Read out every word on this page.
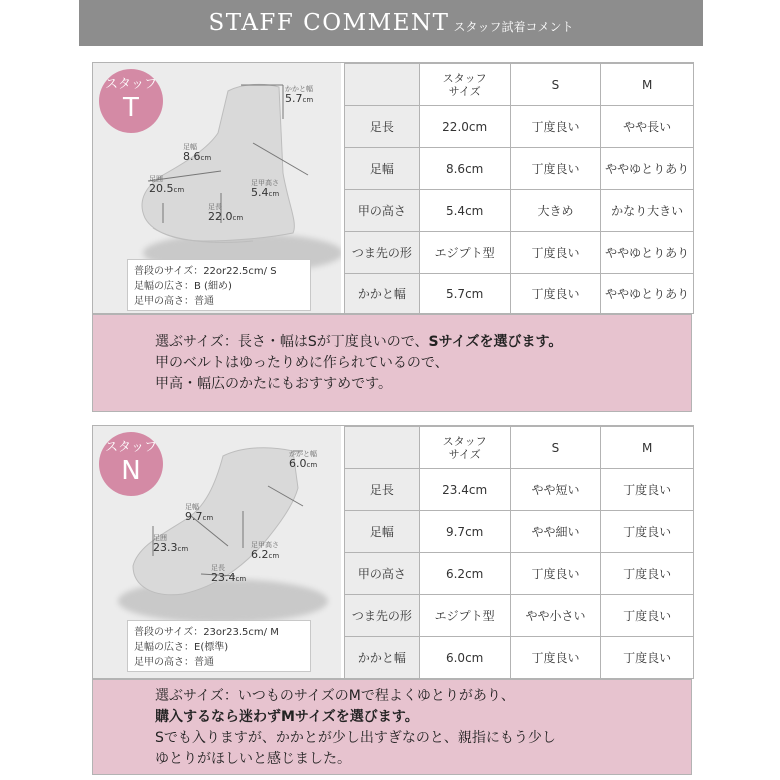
STAFF COMMENT スタッフ試着コメント
スタッフ
T
かかと幅
5.7cm
足幅
8.6cm
足囲
20.5cm
足甲高さ
5.4cm
足長
22.0cm
普段のサイズ：22or22.5cm/ S
足幅の広さ：B (細め)
足甲の高さ：普通
	スタッフ
サイズ	S	M
足長	22.0cm	丁度良い	やや長い
足幅	8.6cm	丁度良い	ややゆとりあり
甲の高さ	5.4cm	大きめ	かなり大きい
つま先の形	エジプト型	丁度良い	ややゆとりあり
かかと幅	5.7cm	丁度良い	ややゆとりあり
選ぶサイズ：長さ・幅はSが丁度良いので、Sサイズを選びます。
甲のベルトはゆったりめに作られているので、
甲高・幅広のかたにもおすすめです。
スタッフ
N
かかと幅
6.0cm
足幅
9.7cm
足囲
23.3cm	足甲高さ
6.2cm
足長
23.4cm
普段のサイズ：23or23.5cm/ M
足幅の広さ：E(標準)
足甲の高さ：普通
	スタッフ
サイズ	S	M
足長	23.4cm	やや短い	丁度良い
足幅	9.7cm	やや細い	丁度良い
甲の高さ	6.2cm	丁度良い	丁度良い
つま先の形	エジプト型	やや小さい	丁度良い
かかと幅	6.0cm	丁度良い	丁度良い
選ぶサイズ：いつものサイズのMで程よくゆとりがあり、
購入するなら迷わずMサイズを選びます。
Sでも入りますが、かかとが少し出すぎなのと、親指にもう少し
ゆとりがほしいと感じました。
